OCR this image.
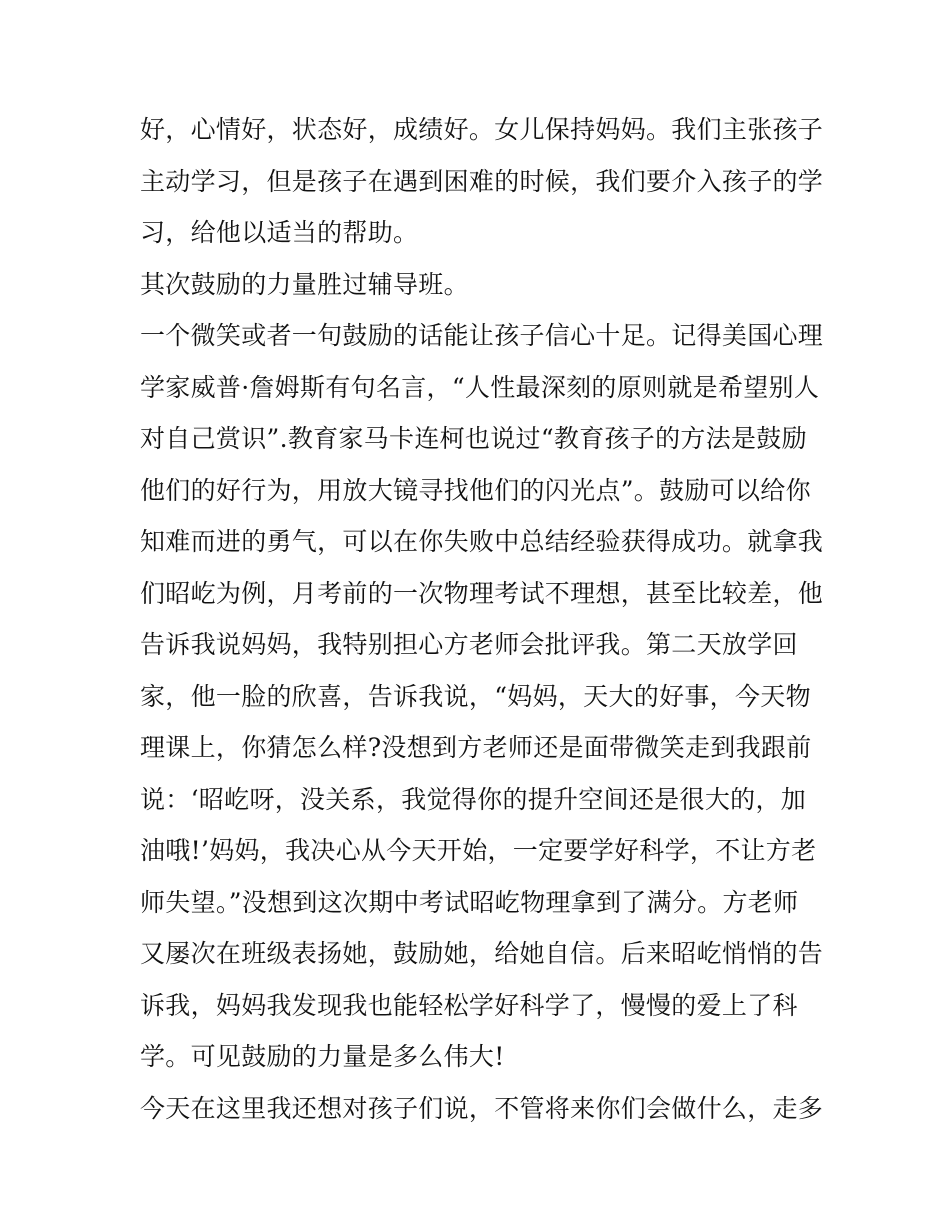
好，心情好，状态好，成绩好。女儿保持妈妈。我们主张孩子
主动学习，但是孩子在遇到困难的时候，我们要介入孩子的学
习，给他以适当的帮助。
其次鼓励的力量胜过辅导班。
一个微笑或者一句鼓励的话能让孩子信心十足。记得美国心理
学家威普·詹姆斯有句名言，“人性最深刻的原则就是希望别人
对自己赏识”.教育家马卡连柯也说过“教育孩子的方法是鼓励
他们的好行为，用放大镜寻找他们的闪光点”。鼓励可以给你
知难而进的勇气，可以在你失败中总结经验获得成功。就拿我
们昭屹为例，月考前的一次物理考试不理想，甚至比较差，他
告诉我说妈妈，我特别担心方老师会批评我。第二天放学回
家，他一脸的欣喜，告诉我说，“妈妈，天大的好事，今天物
理课上，你猜怎么样?没想到方老师还是面带微笑走到我跟前
说：‘昭屹呀，没关系，我觉得你的提升空间还是很大的，加
油哦!’妈妈，我决心从今天开始，一定要学好科学，不让方老
师失望。”没想到这次期中考试昭屹物理拿到了满分。方老师
又屡次在班级表扬她，鼓励她，给她自信。后来昭屹悄悄的告
诉我，妈妈我发现我也能轻松学好科学了，慢慢的爱上了科
学。可见鼓励的力量是多么伟大!
今天在这里我还想对孩子们说，不管将来你们会做什么，走多
